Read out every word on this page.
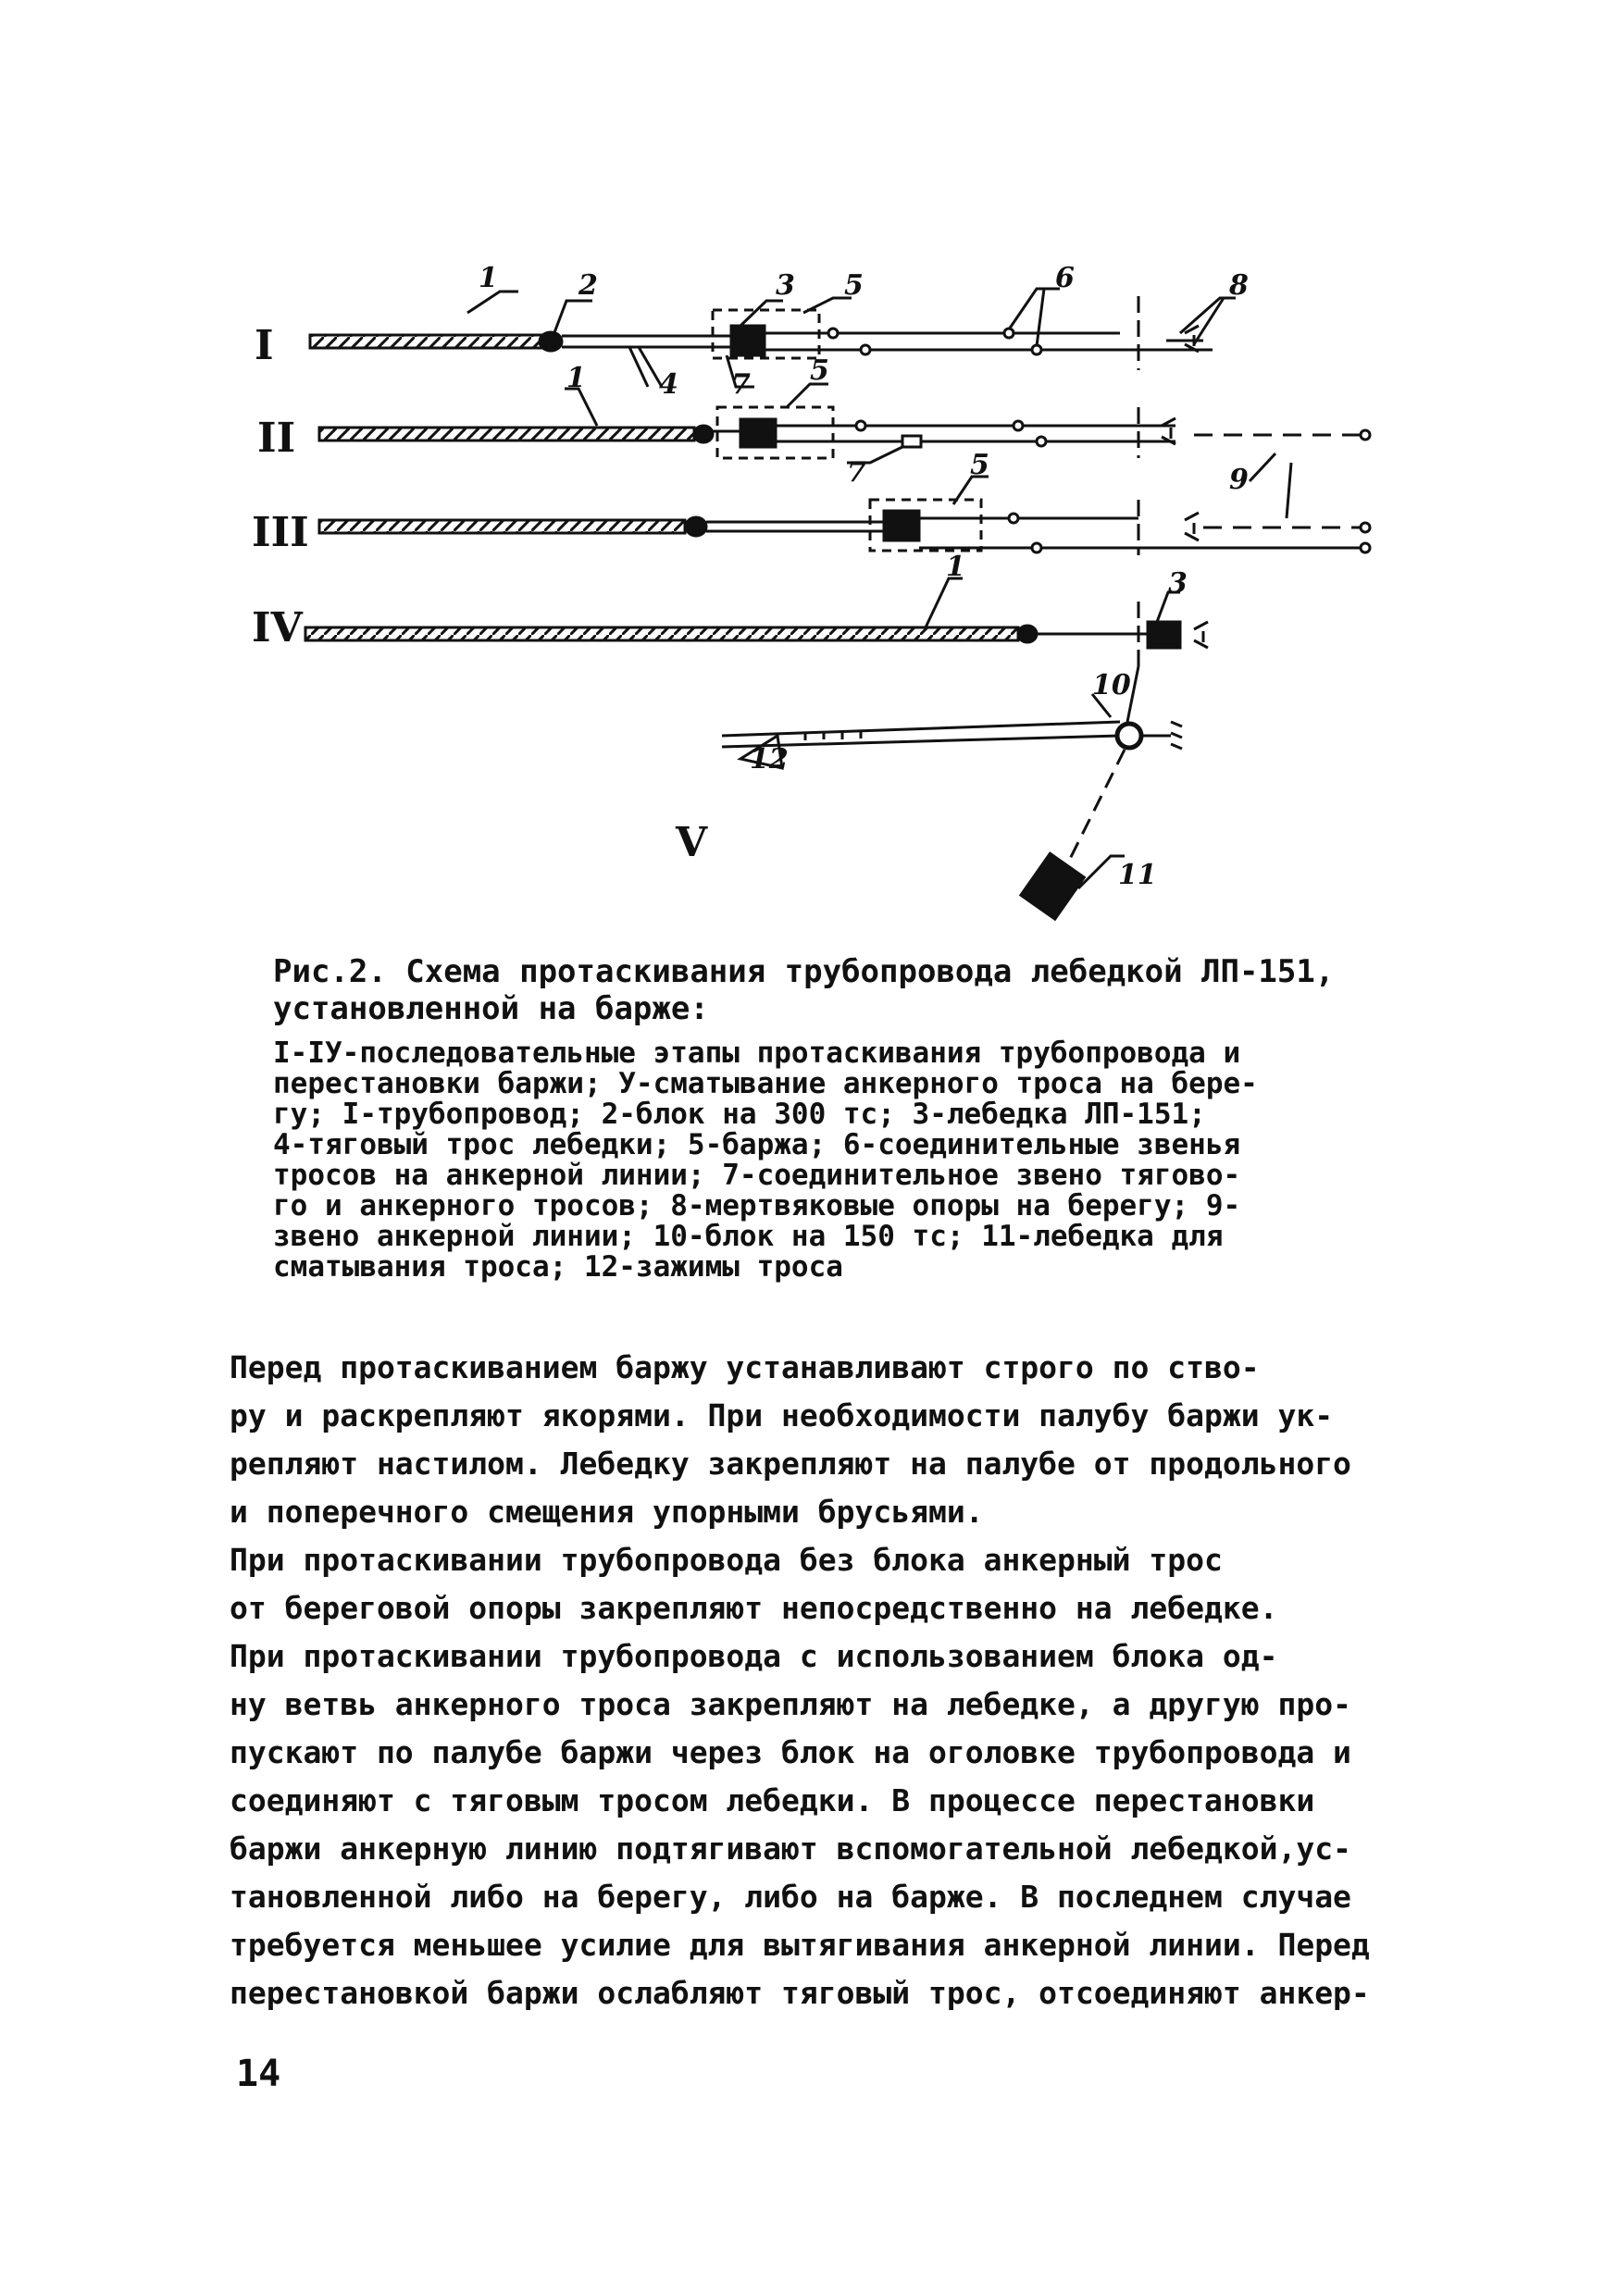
I
II
III
IV
V
1	2	3 5	6	8
4 7
1	5
7	9
5
1
3
10
11
12

Рис.2. Схема протаскивания трубопровода лебедкой ЛП-151,
установленной на барже:

І-ІУ-последовательные этапы протаскивания трубопровода и
перестановки баржи; У-сматывание анкерного троса на бере-
гу; І-трубопровод; 2-блок на 300 тс; 3-лебедка ЛП-151;
4-тяговый трос лебедки; 5-баржа; 6-соединительные звенья
тросов на анкерной линии; 7-соединительное звено тягово-
го и анкерного тросов; 8-мертвяковые опоры на берегу; 9-
звено анкерной линии; 10-блок на 150 тс; 11-лебедка для
сматывания троса; 12-зажимы троса

Перед протаскиванием баржу устанавливают строго по ство-
ру и раскрепляют якорями. При необходимости палубу баржи ук-
репляют настилом. Лебедку закрепляют на палубе от продольного
и поперечного смещения упорными брусьями.

При протаскивании трубопровода без блока анкерный трос
от береговой опоры закрепляют непосредственно на лебедке.

При протаскивании трубопровода с использованием блока од-
ну ветвь анкерного троса закрепляют на лебедке, а другую про-
пускают по палубе баржи через блок на оголовке трубопровода и
соединяют с тяговым тросом лебедки. В процессе перестановки
баржи анкерную линию подтягивают вспомогательной лебедкой,ус-
тановленной либо на берегу, либо на барже. В последнем случае
требуется меньшее усилие для вытягивания анкерной линии. Перед
перестановкой баржи ослабляют тяговый трос, отсоединяют анкер-

14
